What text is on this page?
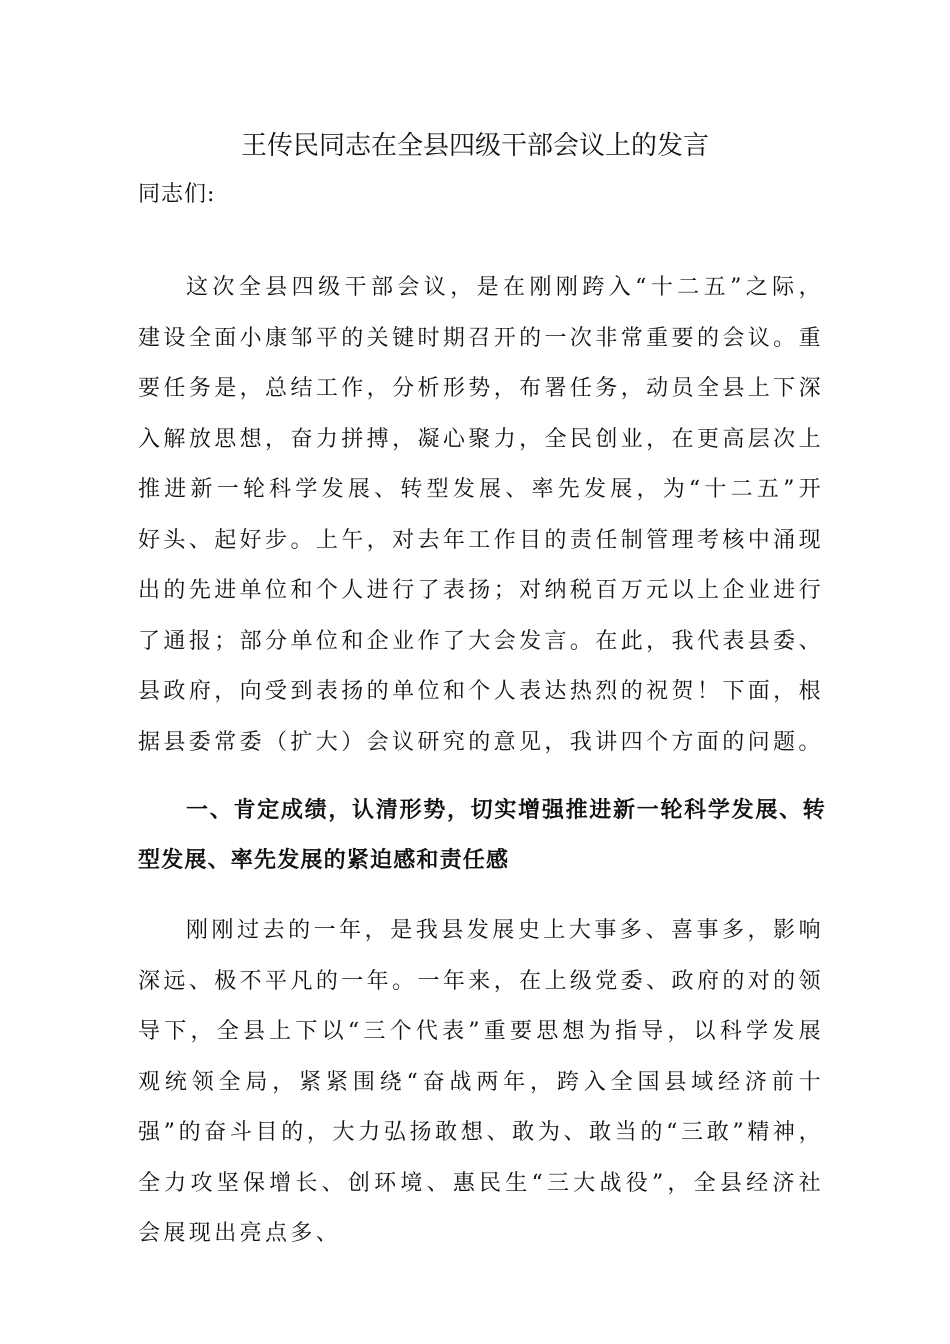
王传民同志在全县四级干部会议上的发言
同志们:
这次全县四级干部会议，是在刚刚跨入“十二五”之际，建设全面小康邹平的关键时期召开的一次非常重要的会议。重要任务是，总结工作，分析形势，布署任务，动员全县上下深入解放思想，奋力拼搏，凝心聚力，全民创业，在更高层次上推进新一轮科学发展、转型发展、率先发展，为“十二五”开好头、起好步。上午，对去年工作目的责任制管理考核中涌现出的先进单位和个人进行了表扬；对纳税百万元以上企业进行了通报；部分单位和企业作了大会发言。在此，我代表县委、县政府，向受到表扬的单位和个人表达热烈的祝贺！下面，根据县委常委（扩大）会议研究的意见，我讲四个方面的问题。
一、肯定成绩，认清形势，切实增强推进新一轮科学发展、转型发展、率先发展的紧迫感和责任感
刚刚过去的一年，是我县发展史上大事多、喜事多，影响深远、极不平凡的一年。一年来，在上级党委、政府的对的领导下，全县上下以“三个代表”重要思想为指导，以科学发展观统领全局，紧紧围绕“奋战两年，跨入全国县域经济前十强”的奋斗目的，大力弘扬敢想、敢为、敢当的“三敢”精神，全力攻坚保增长、创环境、惠民生“三大战役”，全县经济社会展现出亮点多、
